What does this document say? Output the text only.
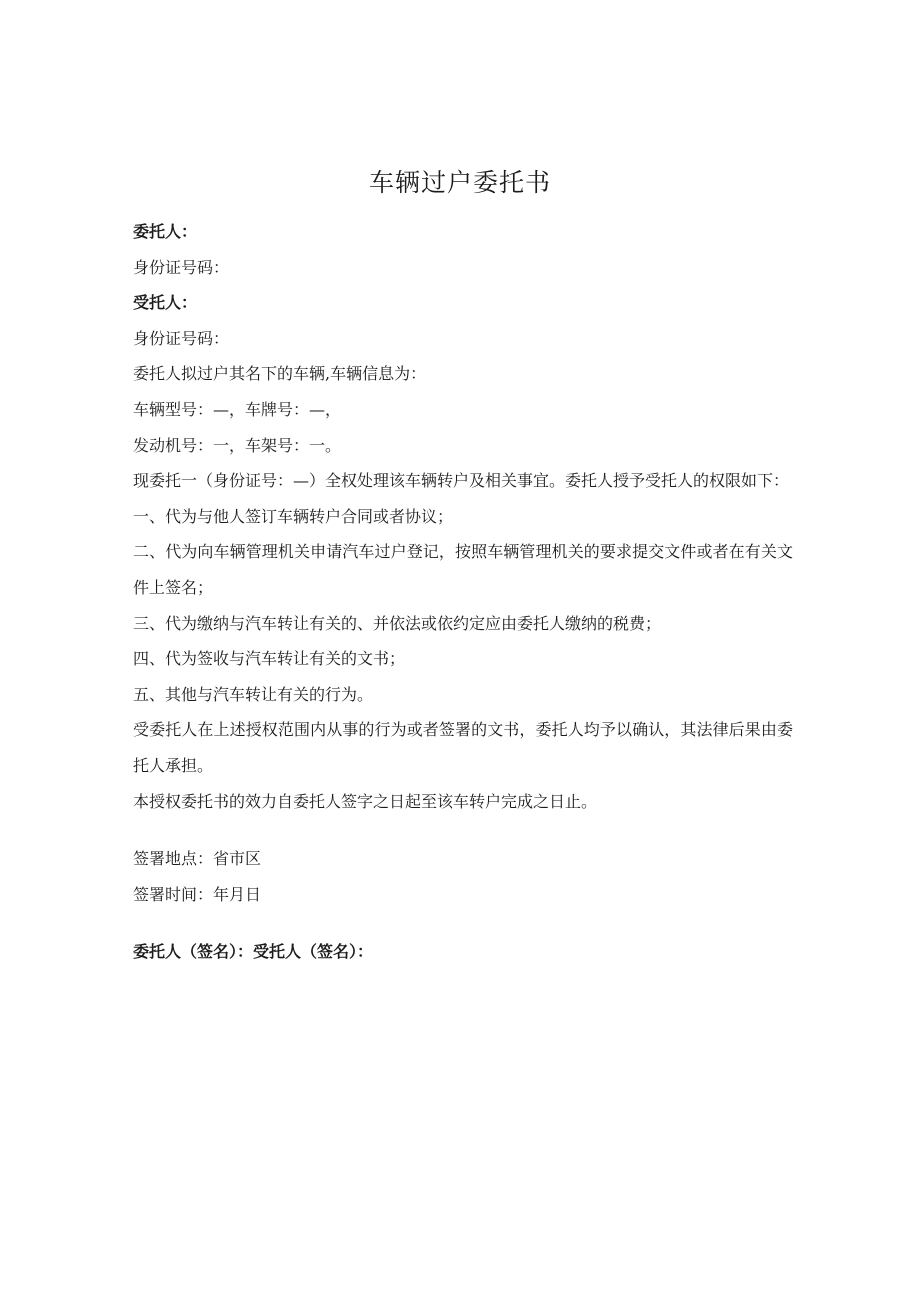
车辆过户委托书

委托人：

身份证号码：

受托人：

身份证号码：

委托人拟过户其名下的车辆,车辆信息为：

车辆型号：—，车牌号：—，

发动机号：一，车架号：一。

现委托一（身份证号：—）全权处理该车辆转户及相关事宜。委托人授予受托人的权限如下：

一、代为与他人签订车辆转户合同或者协议；

二、代为向车辆管理机关申请汽车过户登记，按照车辆管理机关的要求提交文件或者在有关文件上签名；

三、代为缴纳与汽车转让有关的、并依法或依约定应由委托人缴纳的税费；

四、代为签收与汽车转让有关的文书；

五、其他与汽车转让有关的行为。

受委托人在上述授权范围内从事的行为或者签署的文书，委托人均予以确认，其法律后果由委托人承担。

本授权委托书的效力自委托人签字之日起至该车转户完成之日止。

签署地点：省市区

签署时间：年月日

委托人（签名）：受托人（签名）：
